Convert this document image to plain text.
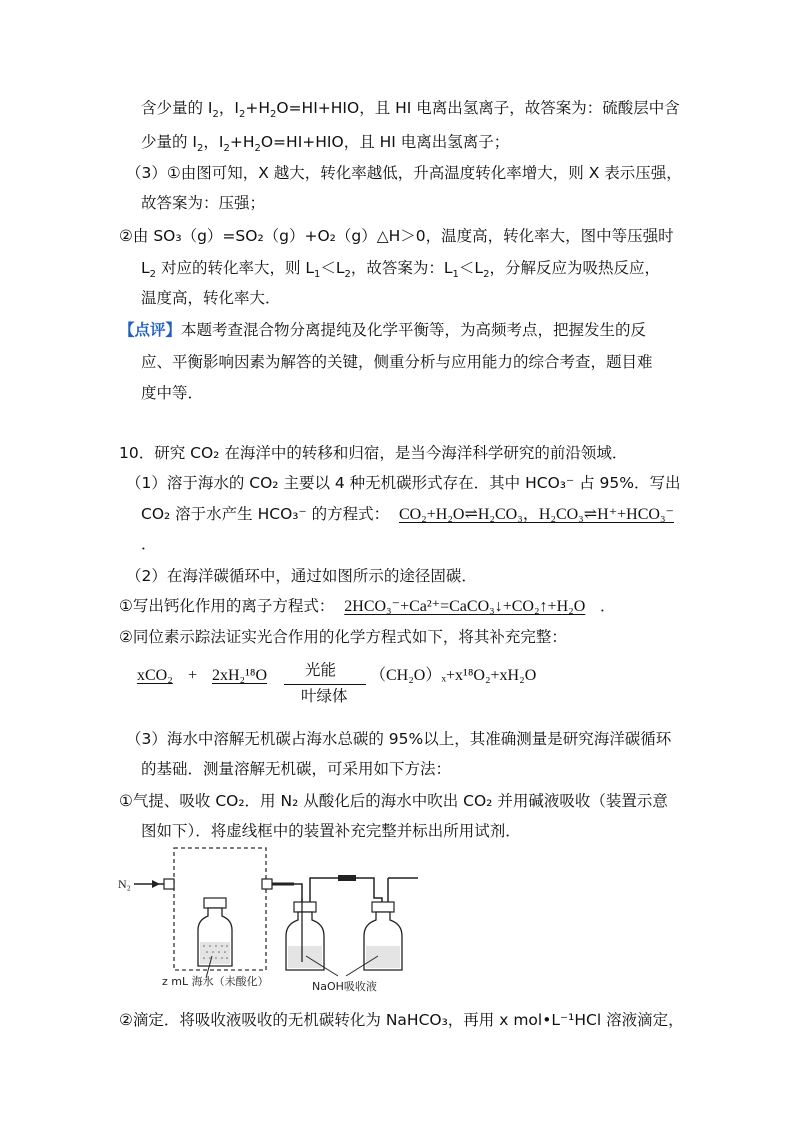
含少量的 $I_2$，$I_2+H_2O=HI+HIO$，且 HI 电离出氢离子，故答案为：硫酸层中含
少量的 $I_2$，$I_2+H_2O=HI+HIO$，且 HI 电离出氢离子；
（3）①由图可知，X 越大，转化率越低，升高温度转化率增大，则 X 表示压强，
故答案为：压强；
②由 SO₃（g）=SO₂（g）+O₂（g）△H＞0，温度高，转化率大，图中等压强时
$L_2$ 对应的转化率大，则 $L_1<L_2$，故答案为：$L_1<L_2$，分解反应为吸热反应，
温度高，转化率大．
【点评】本题考查混合物分离提纯及化学平衡等，为高频考点，把握发生的反
应、平衡影响因素为解答的关键，侧重分析与应用能力的综合考查，题目难
度中等．
10．研究 CO₂ 在海洋中的转移和归宿，是当今海洋科学研究的前沿领域．
（1）溶于海水的 CO₂ 主要以 4 种无机碳形式存在．其中 HCO₃⁻ 占 95%．写出
CO₂ 溶于水产生 HCO₃⁻ 的方程式： CO₂+H₂O⇌H₂CO₃，H₂CO₃⇌H⁺+HCO₃⁻
．
（2）在海洋碳循环中，通过如图所示的途径固碳．
①写出钙化作用的离子方程式： 2HCO₃⁻+Ca²⁺=CaCO₃↓+CO₂↑+H₂O ．
②同位素示踪法证实光合作用的化学方程式如下，将其补充完整：
xCO₂ + 2xH₂¹⁸O 光能
叶绿体
（CH₂O）ₓ+x¹⁸O₂+xH₂O
（3）海水中溶解无机碳占海水总碳的 95%以上，其准确测量是研究海洋碳循环
的基础．测量溶解无机碳，可采用如下方法：
①气提、吸收 CO₂．用 N₂ 从酸化后的海水中吹出 CO₂ 并用碱液吸收（装置示意
图如下）．将虚线框中的装置补充完整并标出所用试剂．
N₂
z mL 海水（未酸化）	NaOH吸收液
②滴定．将吸收液吸收的无机碳转化为 NaHCO₃，再用 x mol•L⁻¹HCl 溶液滴定，
